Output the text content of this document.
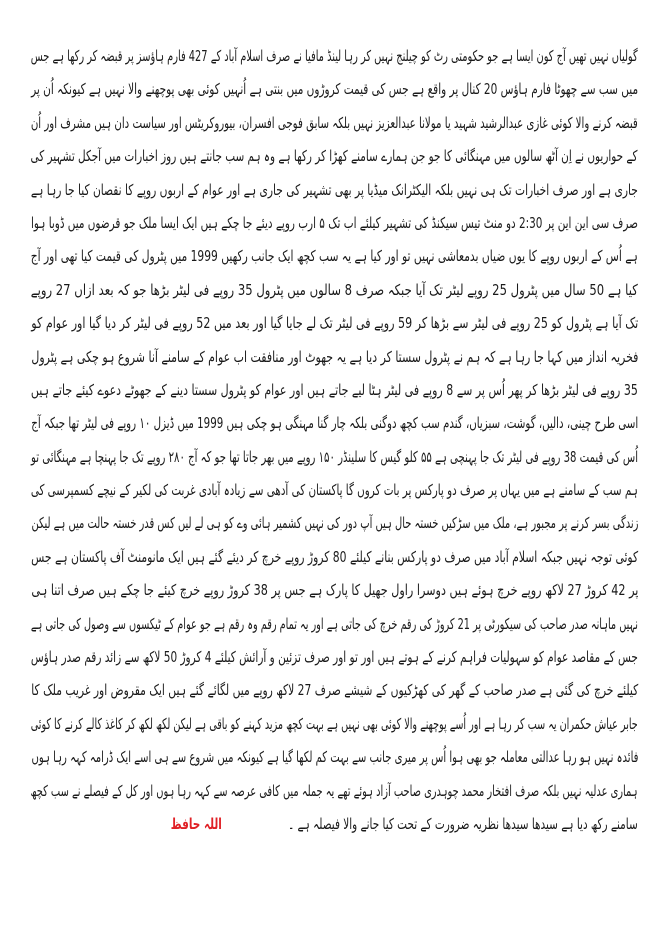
گولیاں نہیں تھیں آج کون ایسا ہے جو حکومتی رٹ کو چیلنج نہیں کر رہا لینڈ مافیا نے صرف اسلام آباد کے 427 فارم ہاؤسز پر قبضہ کر رکھا ہے جس
میں سب سے چھوٹا فارم ہاؤس 20 کنال پر واقع ہے جس کی قیمت کروڑوں میں بنتی ہے اُنہیں کوئی بھی پوچھنے والا نہیں ہے کیونکہ اُن پر
قبضہ کرنے والا کوئی غازی عبدالرشید شہید یا مولانا عبدالعزیز نہیں بلکہ سابق فوجی افسران، بیوروکریٹس اور سیاست دان ہیں مشرف اور اُن
کے حواریوں نے اِن آٹھ سالوں میں مہنگائی کا جو جن ہمارے سامنے کھڑا کر رکھا ہے وہ ہم سب جانتے ہیں روز اخبارات میں آجکل تشہیر کی
جاری ہے اور صرف اخبارات تک ہی نہیں بلکہ الیکٹرانک میڈیا پر بھی تشہیر کی جاری ہے اور عوام کے اربوں روپے کا نقصان کیا جا رہا ہے
صرف سی این این پر 2:30 دو منٹ تیس سیکنڈ کی تشہیر کیلئے اب تک ۵ ارب روپے دیئے جا چکے ہیں ایک ایسا ملک جو قرضوں میں ڈوبا ہوا
ہے اُس کے اربوں روپے کا یوں ضیاں بدمعاشی نہیں تو اور کیا ہے یہ سب کچھ ایک جانب رکھیں 1999 میں پٹرول کی قیمت کیا تھی اور آج
کیا ہے 50 سال میں پٹرول 25 روپے لیٹر تک آیا جبکہ صرف 8 سالوں میں پٹرول 35 روپے فی لیٹر بڑھا جو کہ بعد ازاں 27 روپے
تک آیا ہے پٹرول کو 25 روپے فی لیٹر سے بڑھا کر 59 روپے فی لیٹر تک لے جایا گیا اور بعد میں 52 روپے فی لیٹر کر دیا گیا اور عوام کو
فخریہ انداز میں کہا جا رہا ہے کہ ہم نے پٹرول سستا کر دیا ہے یہ جھوٹ اور منافقت اب عوام کے سامنے آنا شروع ہو چکی ہے پٹرول
35 روپے فی لیٹر بڑھا کر پھر اُس پر سے 8 روپے فی لیٹر ہٹا لیے جاتے ہیں اور عوام کو پٹرول سستا دینے کے جھوٹے دعوے کیئے جاتے ہیں
اسی طرح چینی، دالیں، گوشت، سبزیاں، گندم سب کچھ دوگنی بلکہ چار گنا مہنگی ہو چکی ہیں 1999 میں ڈیزل ۱۰ روپے فی لیٹر تھا جبکہ آج
اُس کی قیمت 38 روپے فی لیٹر تک جا پہنچی ہے ۵۵ کلو گیس کا سلینڈر ۱۵۰ روپے میں بھر جاتا تھا جو کہ آج ۲۸۰ روپے تک جا پہنچا ہے مہنگائی تو
ہم سب کے سامنے ہے میں یہاں پر صرف دو پارکس پر بات کروں گا پاکستان کی آدھی سے زیادہ آبادی غربت کی لکیر کے نیچے کسمپرسی کی
زندگی بسر کرنے پر مجبور ہے، ملک میں سڑکیں خستہ حال ہیں آپ دور کی نہیں کشمیر ہائی وے کو ہی لے لیں کس قدر خستہ حالت میں ہے لیکن
کوئی توجہ نہیں جبکہ اسلام آباد میں صرف دو پارکس بنانے کیلئے 80 کروڑ روپے خرچ کر دیئے گئے ہیں ایک مانومنٹ آف پاکستان ہے جس
پر 42 کروڑ 27 لاکھ روپے خرچ ہوئے ہیں دوسرا راول جھیل کا پارک ہے جس پر 38 کروڑ روپے خرچ کیئے جا چکے ہیں صرف اتنا ہی
نہیں ماہانہ صدر صاحب کی سیکورٹی پر 21 کروڑ کی رقم خرچ کی جاتی ہے اور یہ تمام رقم وہ رقم ہے جو عوام کے ٹیکسوں سے وصول کی جاتی ہے
جس کے مقاصد عوام کو سہولیات فراہم کرنے کے ہوتے ہیں اور تو اور صرف تزئین و آرائش کیلئے 4 کروڑ 50 لاکھ سے زائد رقم صدر ہاؤس
کیلئے خرچ کی گئی ہے صدر صاحب کے گھر کی کھڑکیوں کے شیشے صرف 27 لاکھ روپے میں لگائے گئے ہیں ایک مقروض اور غریب ملک کا
جابر عیاش حکمران یہ سب کر رہا ہے اور اُسے پوچھنے والا کوئی بھی نہیں ہے بہت کچھ مزید کہنے کو باقی ہے لیکن لکھ لکھ کر کاغذ کالے کرنے کا کوئی
فائدہ نہیں ہو رہا عدالتی معاملہ جو بھی ہوا اُس پر میری جانب سے بہت کم لکھا گیا ہے کیونکہ میں شروع سے ہی اسے ایک ڈرامہ کہہ رہا ہوں
ہماری عدلیہ نہیں بلکہ صرف افتخار محمد چوہدری صاحب آزاد ہوئے تھے یہ جملہ میں کافی عرصہ سے کہہ رہا ہوں اور کل کے فیصلے نے سب کچھ
سامنے رکھ دیا ہے سیدھا سیدھا نظریہ ضرورت کے تحت کیا جانے والا فیصلہ ہے ۔اللہ حافظ
